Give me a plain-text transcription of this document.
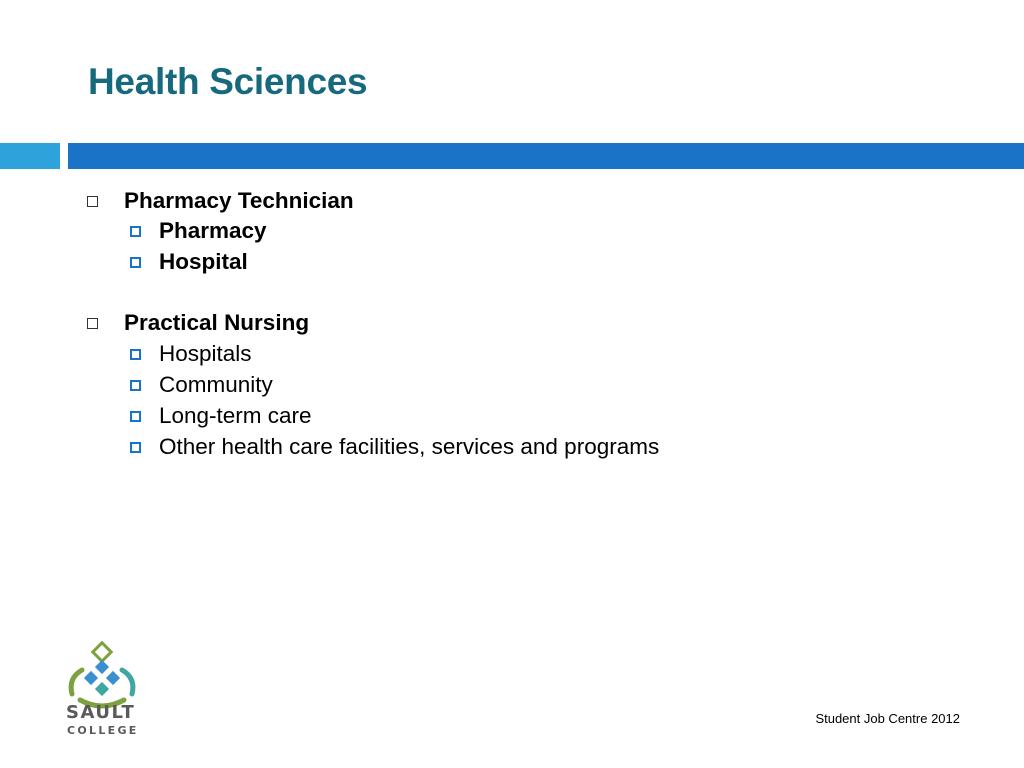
Health Sciences
Pharmacy Technician
Pharmacy
Hospital
Practical Nursing
Hospitals
Community
Long-term care
Other health care facilities, services and programs
SAULT
COLLEGE
Student Job Centre 2012
